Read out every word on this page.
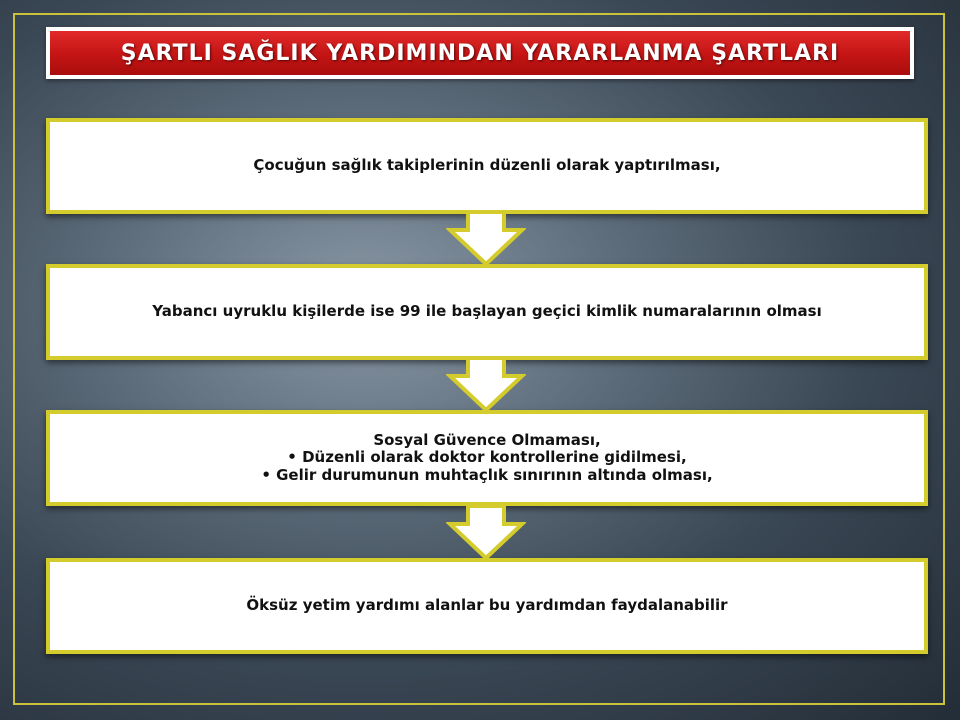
ŞARTLI SAĞLIK YARDIMINDAN YARARLANMA ŞARTLARI
Çocuğun sağlık takiplerinin düzenli olarak yaptırılması,
Yabancı uyruklu kişilerde ise 99 ile başlayan geçici kimlik numaralarının olması
Sosyal Güvence Olmaması,
• Düzenli olarak doktor kontrollerine gidilmesi,
• Gelir durumunun muhtaçlık sınırının altında olması,
Öksüz yetim yardımı alanlar bu yardımdan faydalanabilir
